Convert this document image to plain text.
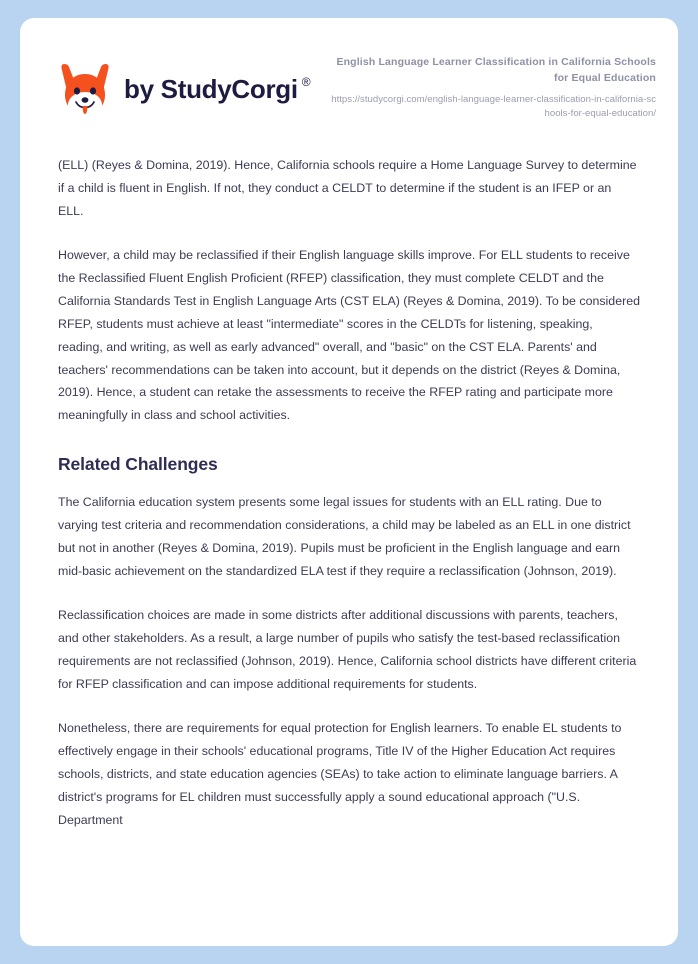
by StudyCorgi ®
English Language Learner Classification in California Schools for Equal Education
https://studycorgi.com/english-language-learner-classification-in-california-schools-for-equal-education/

(ELL) (Reyes & Domina, 2019). Hence, California schools require a Home Language Survey to determine if a child is fluent in English. If not, they conduct a CELDT to determine if the student is an IFEP or an ELL.

However, a child may be reclassified if their English language skills improve. For ELL students to receive the Reclassified Fluent English Proficient (RFEP) classification, they must complete CELDT and the California Standards Test in English Language Arts (CST ELA) (Reyes & Domina, 2019). To be considered RFEP, students must achieve at least "intermediate" scores in the CELDTs for listening, speaking, reading, and writing, as well as early advanced" overall, and "basic" on the CST ELA. Parents' and teachers' recommendations can be taken into account, but it depends on the district (Reyes & Domina, 2019). Hence, a student can retake the assessments to receive the RFEP rating and participate more meaningfully in class and school activities.

Related Challenges

The California education system presents some legal issues for students with an ELL rating. Due to varying test criteria and recommendation considerations, a child may be labeled as an ELL in one district but not in another (Reyes & Domina, 2019). Pupils must be proficient in the English language and earn mid-basic achievement on the standardized ELA test if they require a reclassification (Johnson, 2019).

Reclassification choices are made in some districts after additional discussions with parents, teachers, and other stakeholders. As a result, a large number of pupils who satisfy the test-based reclassification requirements are not reclassified (Johnson, 2019). Hence, California school districts have different criteria for RFEP classification and can impose additional requirements for students.

Nonetheless, there are requirements for equal protection for English learners. To enable EL students to effectively engage in their schools' educational programs, Title IV of the Higher Education Act requires schools, districts, and state education agencies (SEAs) to take action to eliminate language barriers. A district's programs for EL children must successfully apply a sound educational approach ("U.S. Department
